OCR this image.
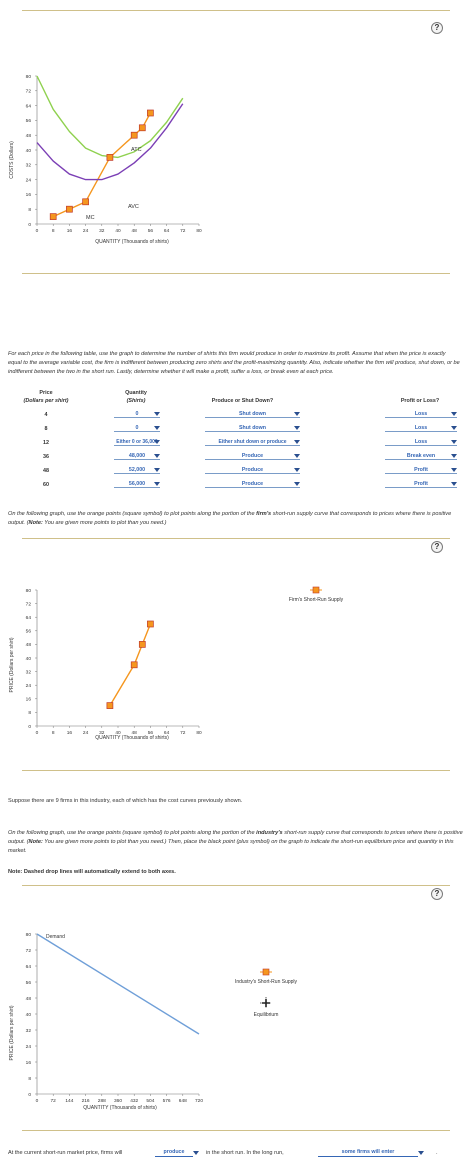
?
0
8
16
24
32
40
48
56
64
72
80
0	8	16 24 32 40 48 56 64 72 80
ATC
AVC
MC
COSTS (Dollars)
QUANTITY (Thousands of shirts)
For each price in the following table, use the graph to determine the number of shirts this firm would produce in order to maximize its profit. Assume that when the price is exactly equal to the average variable cost, the firm is indifferent between producing zero shirts and the profit-maximizing quantity. Also, indicate whether the firm will produce, shut down, or be indifferent between the two in the short run. Lastly, determine whether it will make a profit, suffer a loss, or break even at each price.
Price
(Dollars per shirt)
Quantity
(Shirts)	Produce or Shut Down?	Profit or Loss?
4	0	Shut down	Loss
8	0	Shut down	Loss
12	Either 0 or 36,000	Either shut down or produce	Loss
36	48,000	Produce	Break even
48	52,000	Produce	Profit
60	56,000	Produce	Profit
On the following graph, use the orange points (square symbol) to plot points along the portion of the firm's short-run supply curve that corresponds to prices where there is positive output. (Note: You are given more points to plot than you need.)
?
0
8
16
24
32
40
48
56
64
72
80
0	8	16 24 32 40 48 56 64 72 80
PRICE (Dollars per shirt)
QUANTITY (Thousands of shirts)
Firm's Short-Run Supply
Suppose there are 9 firms in this industry, each of which has the cost curves previously shown.
On the following graph, use the orange points (square symbol) to plot points along the portion of the industry's short-run supply curve that corresponds to prices where there is positive output. (Note: You are given more points to plot than you need.) Then, place the black point (plus symbol) on the graph to indicate the short-run equilibrium price and quantity in this market.
Note: Dashed drop lines will automatically extend to both axes.
?
0
8
16
24
32
40
48
56
64
72
80
0	72 144 216 288 360 432 504 576 648 720
Demand
PRICE (Dollars per shirt)
QUANTITY (Thousands of shirts)
Industry's Short-Run Supply
Equilibrium
At the current short-run market price, firms will	produce	in the short run. In the long run,	some firms will enter	.
